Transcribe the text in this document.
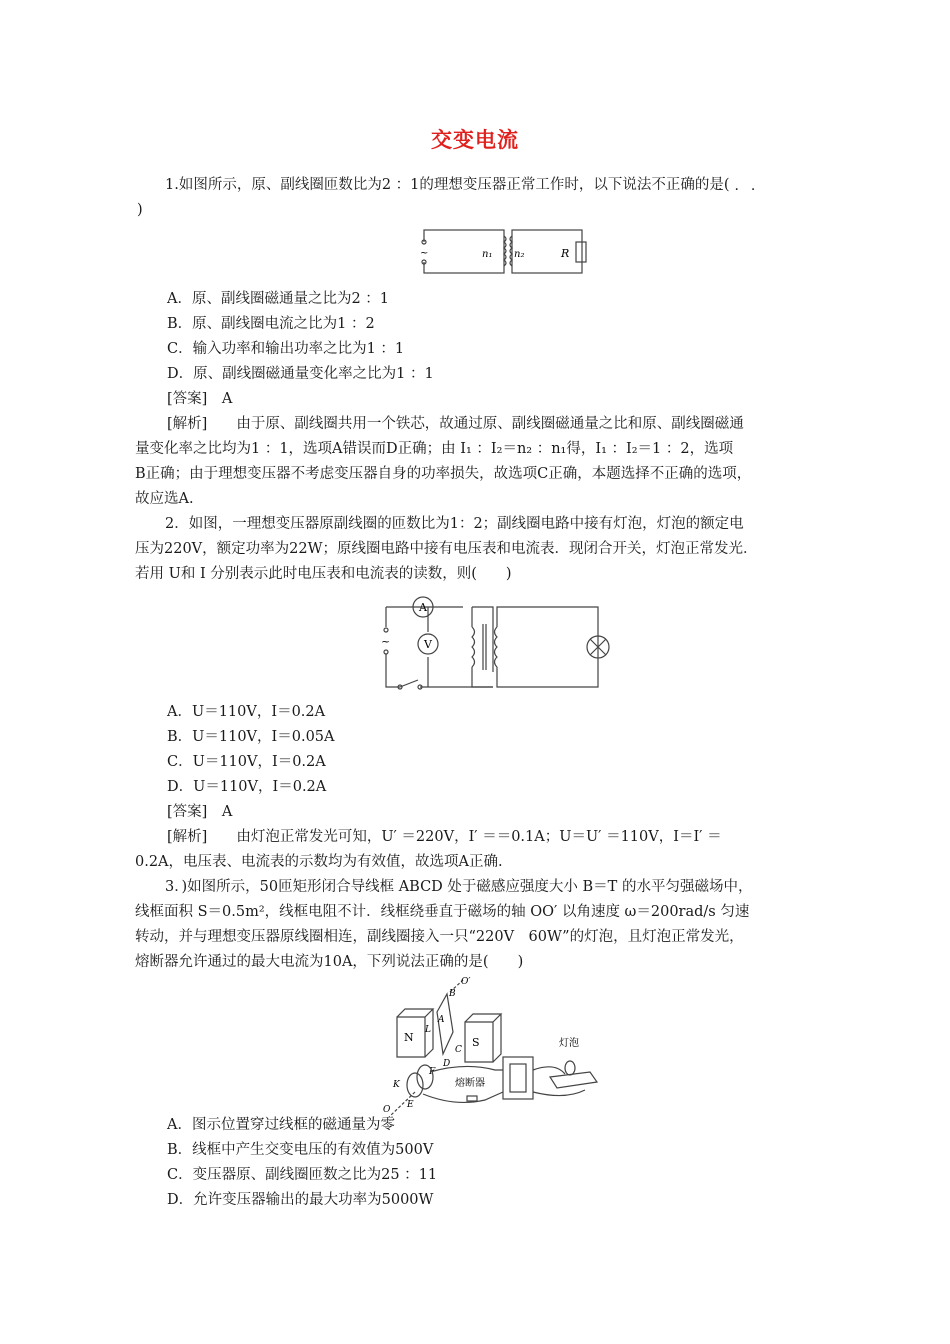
交变电流
1.如图所示，原、副线圈匝数比为2 ：1的理想变压器正常工作时，以下说法不正确的是(
···
)
~	n₁ n₂	R
A．原、副线圈磁通量之比为2 ：1
B．原、副线圈电流之比为1 ：2
C．输入功率和输出功率之比为1 ：1
D．原、副线圈磁通量变化率之比为1 ：1
[答案]　A
[解析]　　由于原、副线圈共用一个铁芯，故通过原、副线圈磁通量之比和原、副线圈磁通
量变化率之比均为1 ：1，选项A错误而D正确；由 I₁ ：I₂＝n₂ ：n₁得，I₁ ：I₂＝1 ：2，选项
B正确；由于理想变压器不考虑变压器自身的功率损失，故选项C正确，本题选择不正确的选项，
故应选A.
2．如图，一理想变压器原副线圈的匝数比为1：2；副线圈电路中接有灯泡，灯泡的额定电
压为220V，额定功率为22W；原线圈电路中接有电压表和电流表．现闭合开关，灯泡正常发光．
若用 U和 I 分别表示此时电压表和电流表的读数，则(　　)
~
A
V
A．U＝110V，I＝0.2A
B．U＝110V，I＝0.05A
C．U＝110V，I＝0.2A
D．U＝110V，I＝0.2A
[答案]　A
[解析]　　由灯泡正常发光可知，U′ ＝220V，I′ ＝＝0.1A；U＝U′ ＝110V，I＝I′ ＝
0.2A，电压表、电流表的示数均为有效值，故选项A正确.
3．)如图所示，50匝矩形闭合导线框 ABCD 处于磁感应强度大小 B＝T 的水平匀强磁场中，
线框面积 S＝0.5m²，线框电阻不计．线框绕垂直于磁场的轴 OO′ 以角速度 ω＝200rad/s 匀速
转动，并与理想变压器原线圈相连，副线圈接入一只“220V　60W”的灯泡，且灯泡正常发光，
熔断器允许通过的最大电流为10A，下列说法正确的是(　　)
N	S
B
O′
L
A
C
D
F
K
E
O
熔断器
灯泡
A．图示位置穿过线框的磁通量为零
B．线框中产生交变电压的有效值为500V
C．变压器原、副线圈匝数之比为25 ：11
D．允许变压器输出的最大功率为5000W
